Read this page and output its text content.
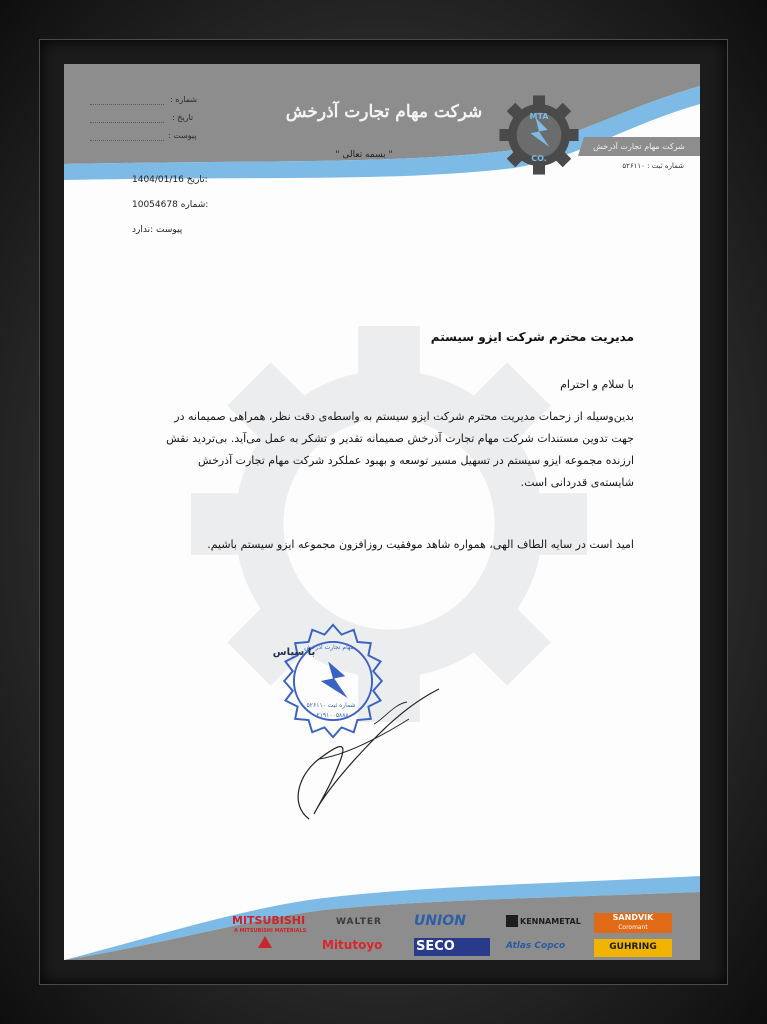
شماره :
تاریخ :
پیوست :
شرکت مهام تجارت آذرخش	MTA
CO.
شرکت مهام تجارت آذرخش
شماره ثبت : ۵۲۶۱۱۰
" بسمه تعالی "
1404/01/16 تاریخ:
10054678 شماره:
پیوست :ندارد
مدیریت محترم شرکت ایزو سیستم
با سلام و احترام
بدین‌وسیله از زحمات مدیریت محترم شرکت ایزو سیستم به واسطه‌ی دقت نظر، همراهی صمیمانه در
جهت تدوین مستندات شرکت مهام تجارت آذرخش صمیمانه تقدیر و تشکر به عمل می‌آید. بی‌تردید نقش
ارزنده مجموعه ایزو سیستم در تسهیل مسیر توسعه و بهبود عملکرد شرکت مهام تجارت آذرخش
شایسته‌ی قدردانی است.
امید است در سایه الطاف الهی، همواره شاهد موفقیت روزافزون مجموعه ایزو سیستم باشیم.
مهام تجارت آذرخش
شماره ثبت ۵۲۶۱۱۰
۰۲۱۹۱۰۰۵۸۸۸
با سپاس
MITSUBISHI
A MITSUBISHI MATERIALS
WALTER UNION	KENNAMETAL	SANDVIK
Coromant
Mitutoyo	SECO	Atlas Copco	GUHRING
